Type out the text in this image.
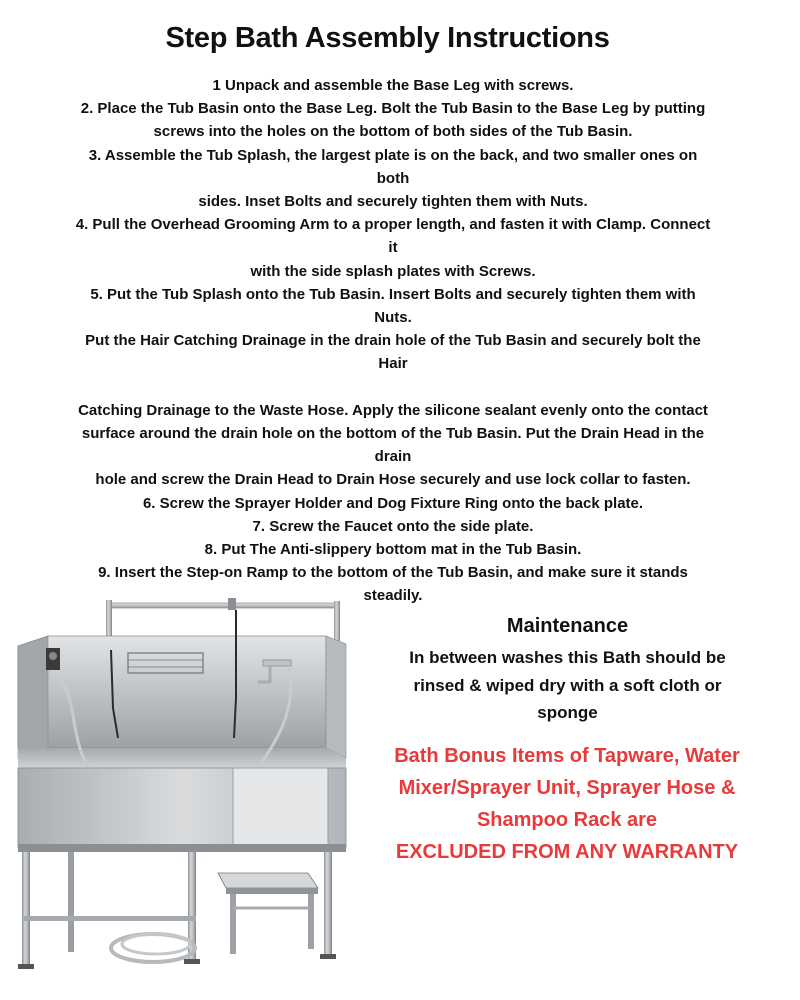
Step Bath Assembly Instructions
1 Unpack and assemble the Base Leg with screws.
2. Place the Tub Basin onto the Base Leg. Bolt the Tub Basin to the Base Leg by putting
screws into the holes on the bottom of both sides of the Tub Basin.
3. Assemble the Tub Splash, the largest plate is on the back, and two smaller ones on
both
sides. Inset Bolts and securely tighten them with Nuts.
4. Pull the Overhead Grooming Arm to a proper length, and fasten it with Clamp. Connect
it
with the side splash plates with Screws.
5. Put the Tub Splash onto the Tub Basin. Insert Bolts and securely tighten them with
Nuts.
Put the Hair Catching Drainage in the drain hole of the Tub Basin and securely bolt the
Hair
Catching Drainage to the Waste Hose. Apply the silicone sealant evenly onto the contact
surface around the drain hole on the bottom of the Tub Basin. Put the Drain Head in the
drain
hole and screw the Drain Head to Drain Hose securely and use lock collar to fasten.
6. Screw the Sprayer Holder and Dog Fixture Ring onto the back plate.
7. Screw the Faucet onto the side plate.
8. Put The Anti-slippery bottom mat in the Tub Basin.
9. Insert the Step-on Ramp to the bottom of the Tub Basin, and make sure it stands
steadily.
Maintenance
In between washes this Bath should be
rinsed & wiped dry with a soft cloth or
sponge
Bath Bonus Items of Tapware, Water
Mixer/Sprayer Unit, Sprayer Hose &
Shampoo Rack are
EXCLUDED FROM ANY WARRANTY
